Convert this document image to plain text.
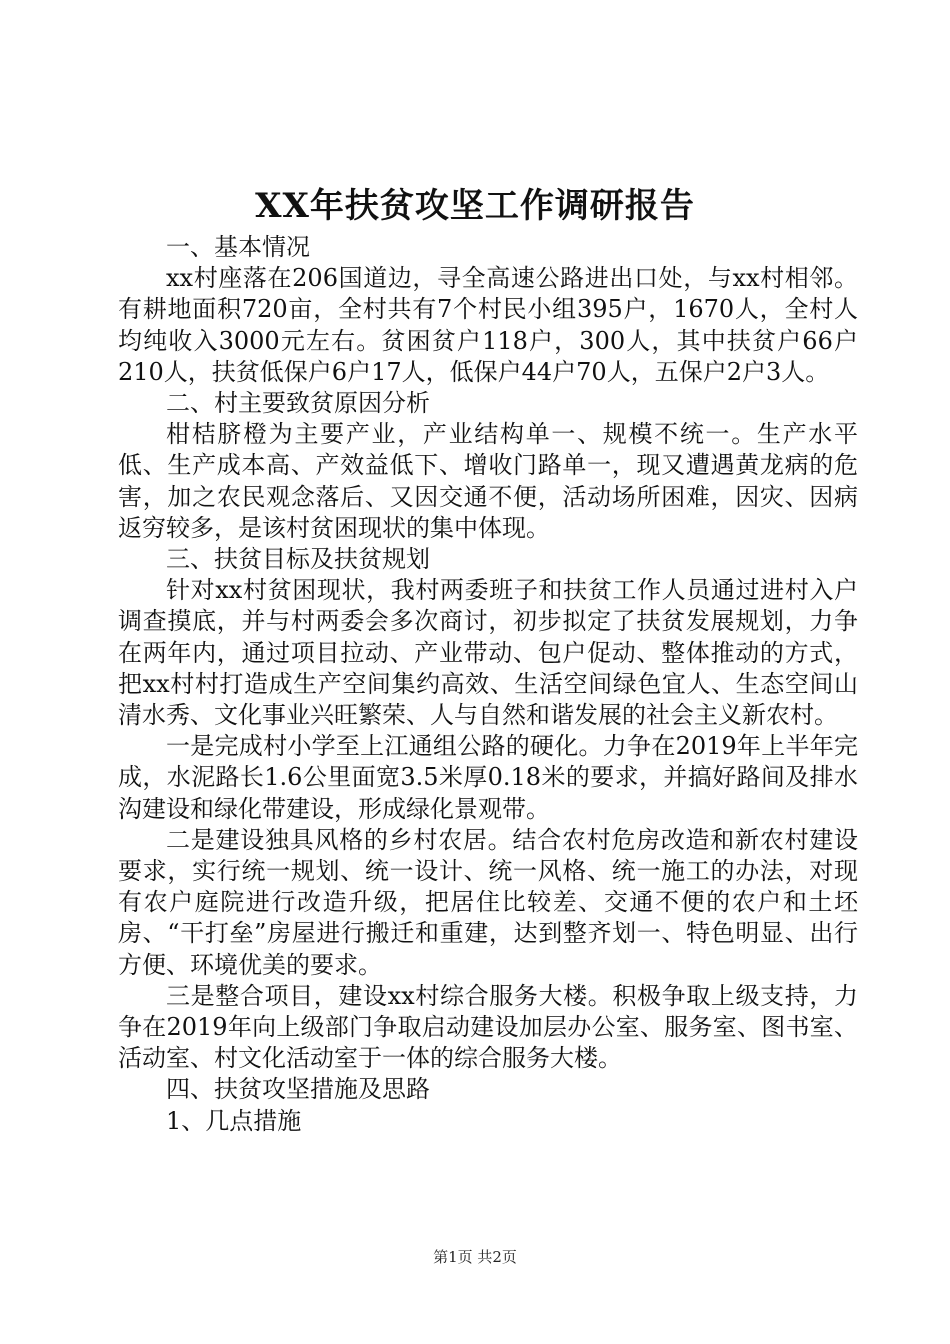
XX年扶贫攻坚工作调研报告

一、基本情况

xx村座落在206国道边，寻全高速公路进出口处，与xx村相邻。有耕地面积720亩，全村共有7个村民小组395户，1670人，全村人均纯收入3000元左右。贫困贫户118户，300人，其中扶贫户66户210人，扶贫低保户6户17人，低保户44户70人，五保户2户3人。

二、村主要致贫原因分析

柑桔脐橙为主要产业，产业结构单一、规模不统一。生产水平低、生产成本高、产效益低下、增收门路单一，现又遭遇黄龙病的危害，加之农民观念落后、又因交通不便，活动场所困难，因灾、因病返穷较多，是该村贫困现状的集中体现。

三、扶贫目标及扶贫规划

针对xx村贫困现状，我村两委班子和扶贫工作人员通过进村入户调查摸底，并与村两委会多次商讨，初步拟定了扶贫发展规划，力争在两年内，通过项目拉动、产业带动、包户促动、整体推动的方式，把xx村村打造成生产空间集约高效、生活空间绿色宜人、生态空间山清水秀、文化事业兴旺繁荣、人与自然和谐发展的社会主义新农村。

一是完成村小学至上江通组公路的硬化。力争在2019年上半年完成，水泥路长1.6公里面宽3.5米厚0.18米的要求，并搞好路间及排水沟建设和绿化带建设，形成绿化景观带。

二是建设独具风格的乡村农居。结合农村危房改造和新农村建设要求，实行统一规划、统一设计、统一风格、统一施工的办法，对现有农户庭院进行改造升级，把居住比较差、交通不便的农户和土坯房、“干打垒”房屋进行搬迁和重建，达到整齐划一、特色明显、出行方便、环境优美的要求。

三是整合项目，建设xx村综合服务大楼。积极争取上级支持，力争在2019年向上级部门争取启动建设加层办公室、服务室、图书室、活动室、村文化活动室于一体的综合服务大楼。

四、扶贫攻坚措施及思路

1、几点措施

第1页 共2页
